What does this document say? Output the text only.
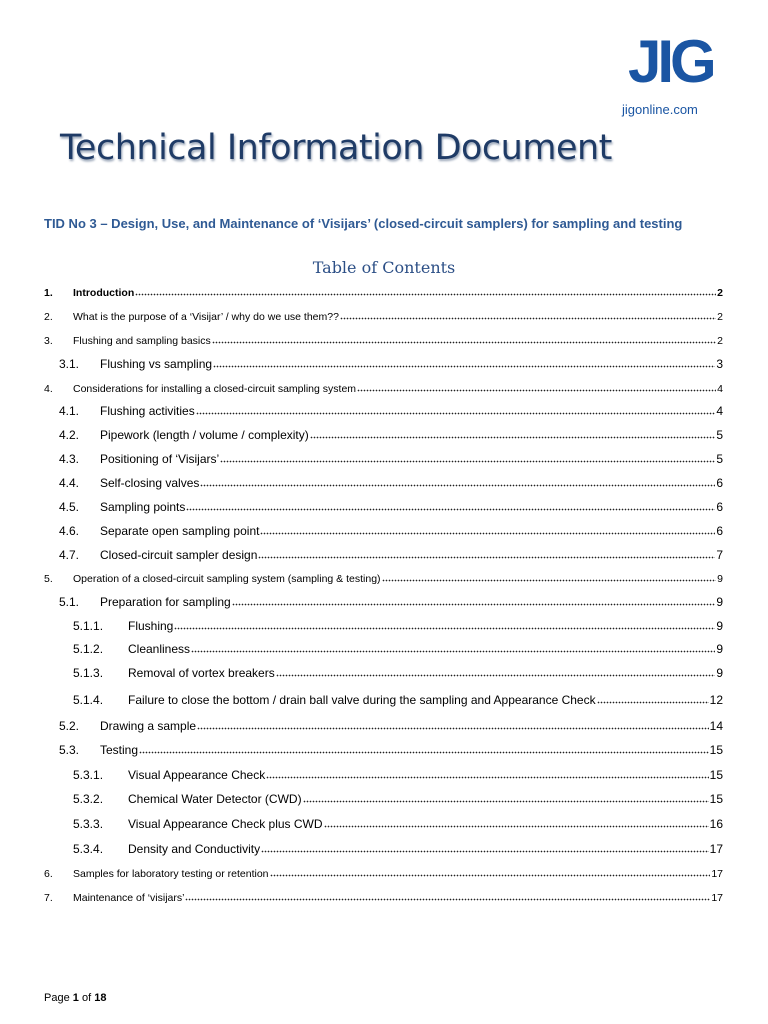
JIG
jigonline.com
Technical Information Document
TID No 3 – Design, Use, and Maintenance of ‘Visijars’ (closed-circuit samplers) for sampling and testing
Table of Contents
1.	Introduction	2
2.	What is the purpose of a ‘Visijar’ / why do we use them??	2
3.	Flushing and sampling basics	2
3.1.	Flushing vs sampling	3
4.	Considerations for installing a closed-circuit sampling system	4
4.1.	Flushing activities	4
4.2.	Pipework (length / volume / complexity)	5
4.3.	Positioning of ‘Visijars’	5
4.4.	Self-closing valves	6
4.5.	Sampling points	6
4.6.	Separate open sampling point	6
4.7.	Closed-circuit sampler design	7
5.	Operation of a closed-circuit sampling system (sampling & testing)	9
5.1.	Preparation for sampling	9
5.1.1.	Flushing	9
5.1.2.	Cleanliness	9
5.1.3.	Removal of vortex breakers	9
5.1.4.	Failure to close the bottom / drain ball valve during the sampling and Appearance Check	12
5.2.	Drawing a sample	14
5.3.	Testing	15
5.3.1.	Visual Appearance Check	15
5.3.2.	Chemical Water Detector (CWD)	15
5.3.3.	Visual Appearance Check plus CWD	16
5.3.4.	Density and Conductivity	17
6.	Samples for laboratory testing or retention	17
7.	Maintenance of ‘visijars’	17
Page 1 of 18
